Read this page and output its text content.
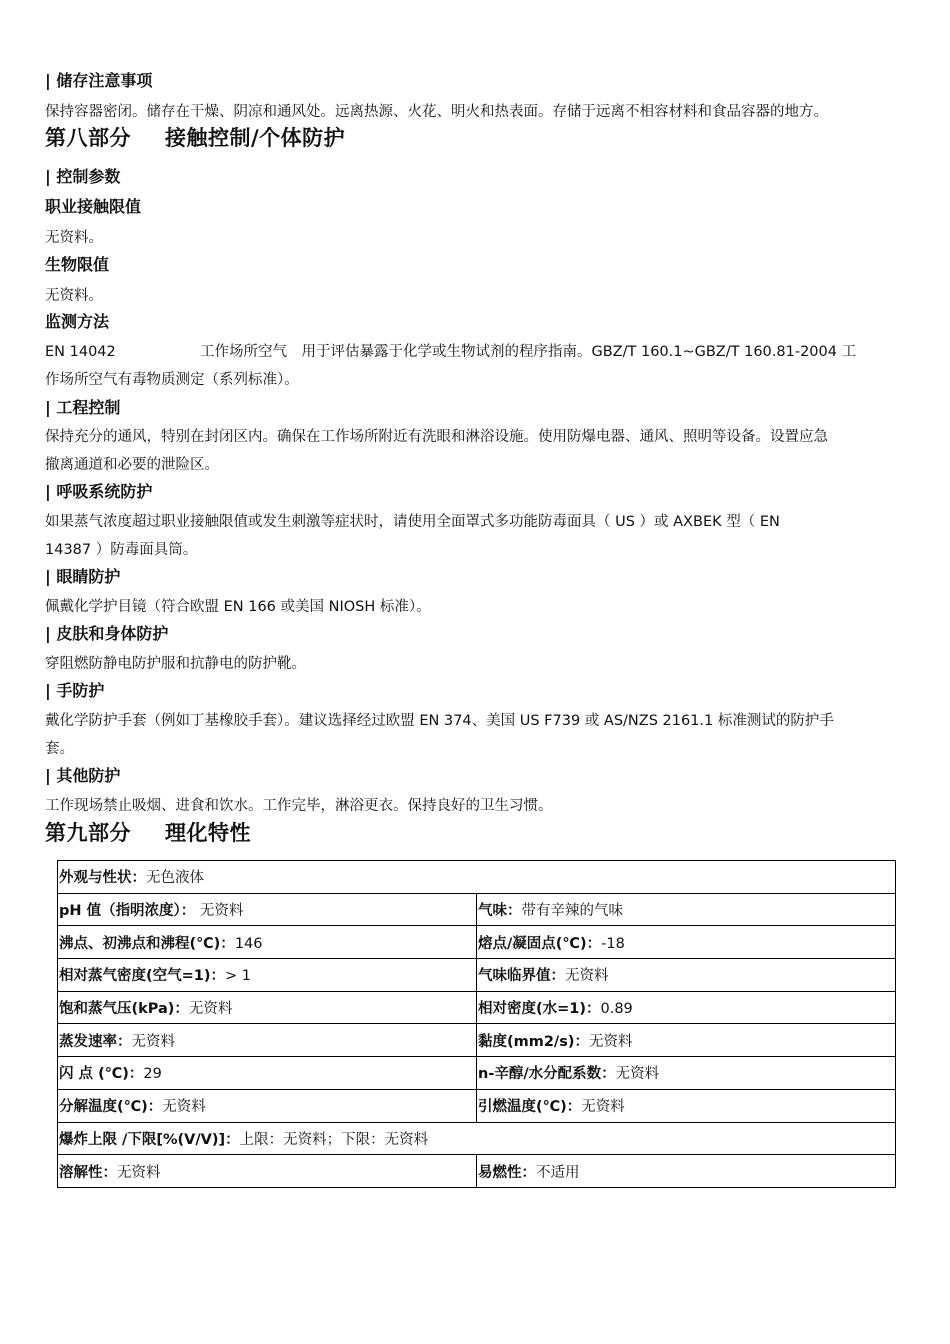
| 储存注意事项
保持容器密闭。储存在干燥、阴凉和通风处。远离热源、火花、明火和热表面。存储于远离不相容材料和食品容器的地方。
第八部分 接触控制/个体防护
| 控制参数
职业接触限值
无资料。
生物限值
无资料。
监测方法
EN 14042	工作场所空气　用于评估暴露于化学或生物试剂的程序指南。GBZ/T 160.1~GBZ/T 160.81-2004 工
作场所空气有毒物质测定（系列标准）。
| 工程控制
保持充分的通风，特别在封闭区内。确保在工作场所附近有洗眼和淋浴设施。使用防爆电器、通风、照明等设备。设置应急
撤离通道和必要的泄险区。
| 呼吸系统防护
如果蒸气浓度超过职业接触限值或发生刺激等症状时，请使用全面罩式多功能防毒面具（ US ）或 AXBEK 型（ EN
14387 ）防毒面具筒。
| 眼睛防护
佩戴化学护目镜（符合欧盟 EN 166 或美国 NIOSH 标准）。
| 皮肤和身体防护
穿阻燃防静电防护服和抗静电的防护靴。
| 手防护
戴化学防护手套（例如丁基橡胶手套）。建议选择经过欧盟 EN 374、美国 US F739 或 AS/NZS 2161.1 标准测试的防护手
套。
| 其他防护
工作现场禁止吸烟、进食和饮水。工作完毕，淋浴更衣。保持良好的卫生习惯。
第九部分 理化特性
外观与性状：无色液体	
pH 值（指明浓度）： 无资料	气味：带有辛辣的气味
沸点、初沸点和沸程(℃)：146	熔点/凝固点(℃)：-18
相对蒸气密度(空气=1)：> 1	气味临界值：无资料
饱和蒸气压(kPa)：无资料	相对密度(水=1)：0.89
蒸发速率：无资料	黏度(mm2/s)：无资料
闪 点 (℃)：29	n-辛醇/水分配系数：无资料
分解温度(℃)：无资料	引燃温度(℃)：无资料
爆炸上限 /下限[%(V/V)]：上限：无资料；下限：无资料	
溶解性：无资料	易燃性：不适用
